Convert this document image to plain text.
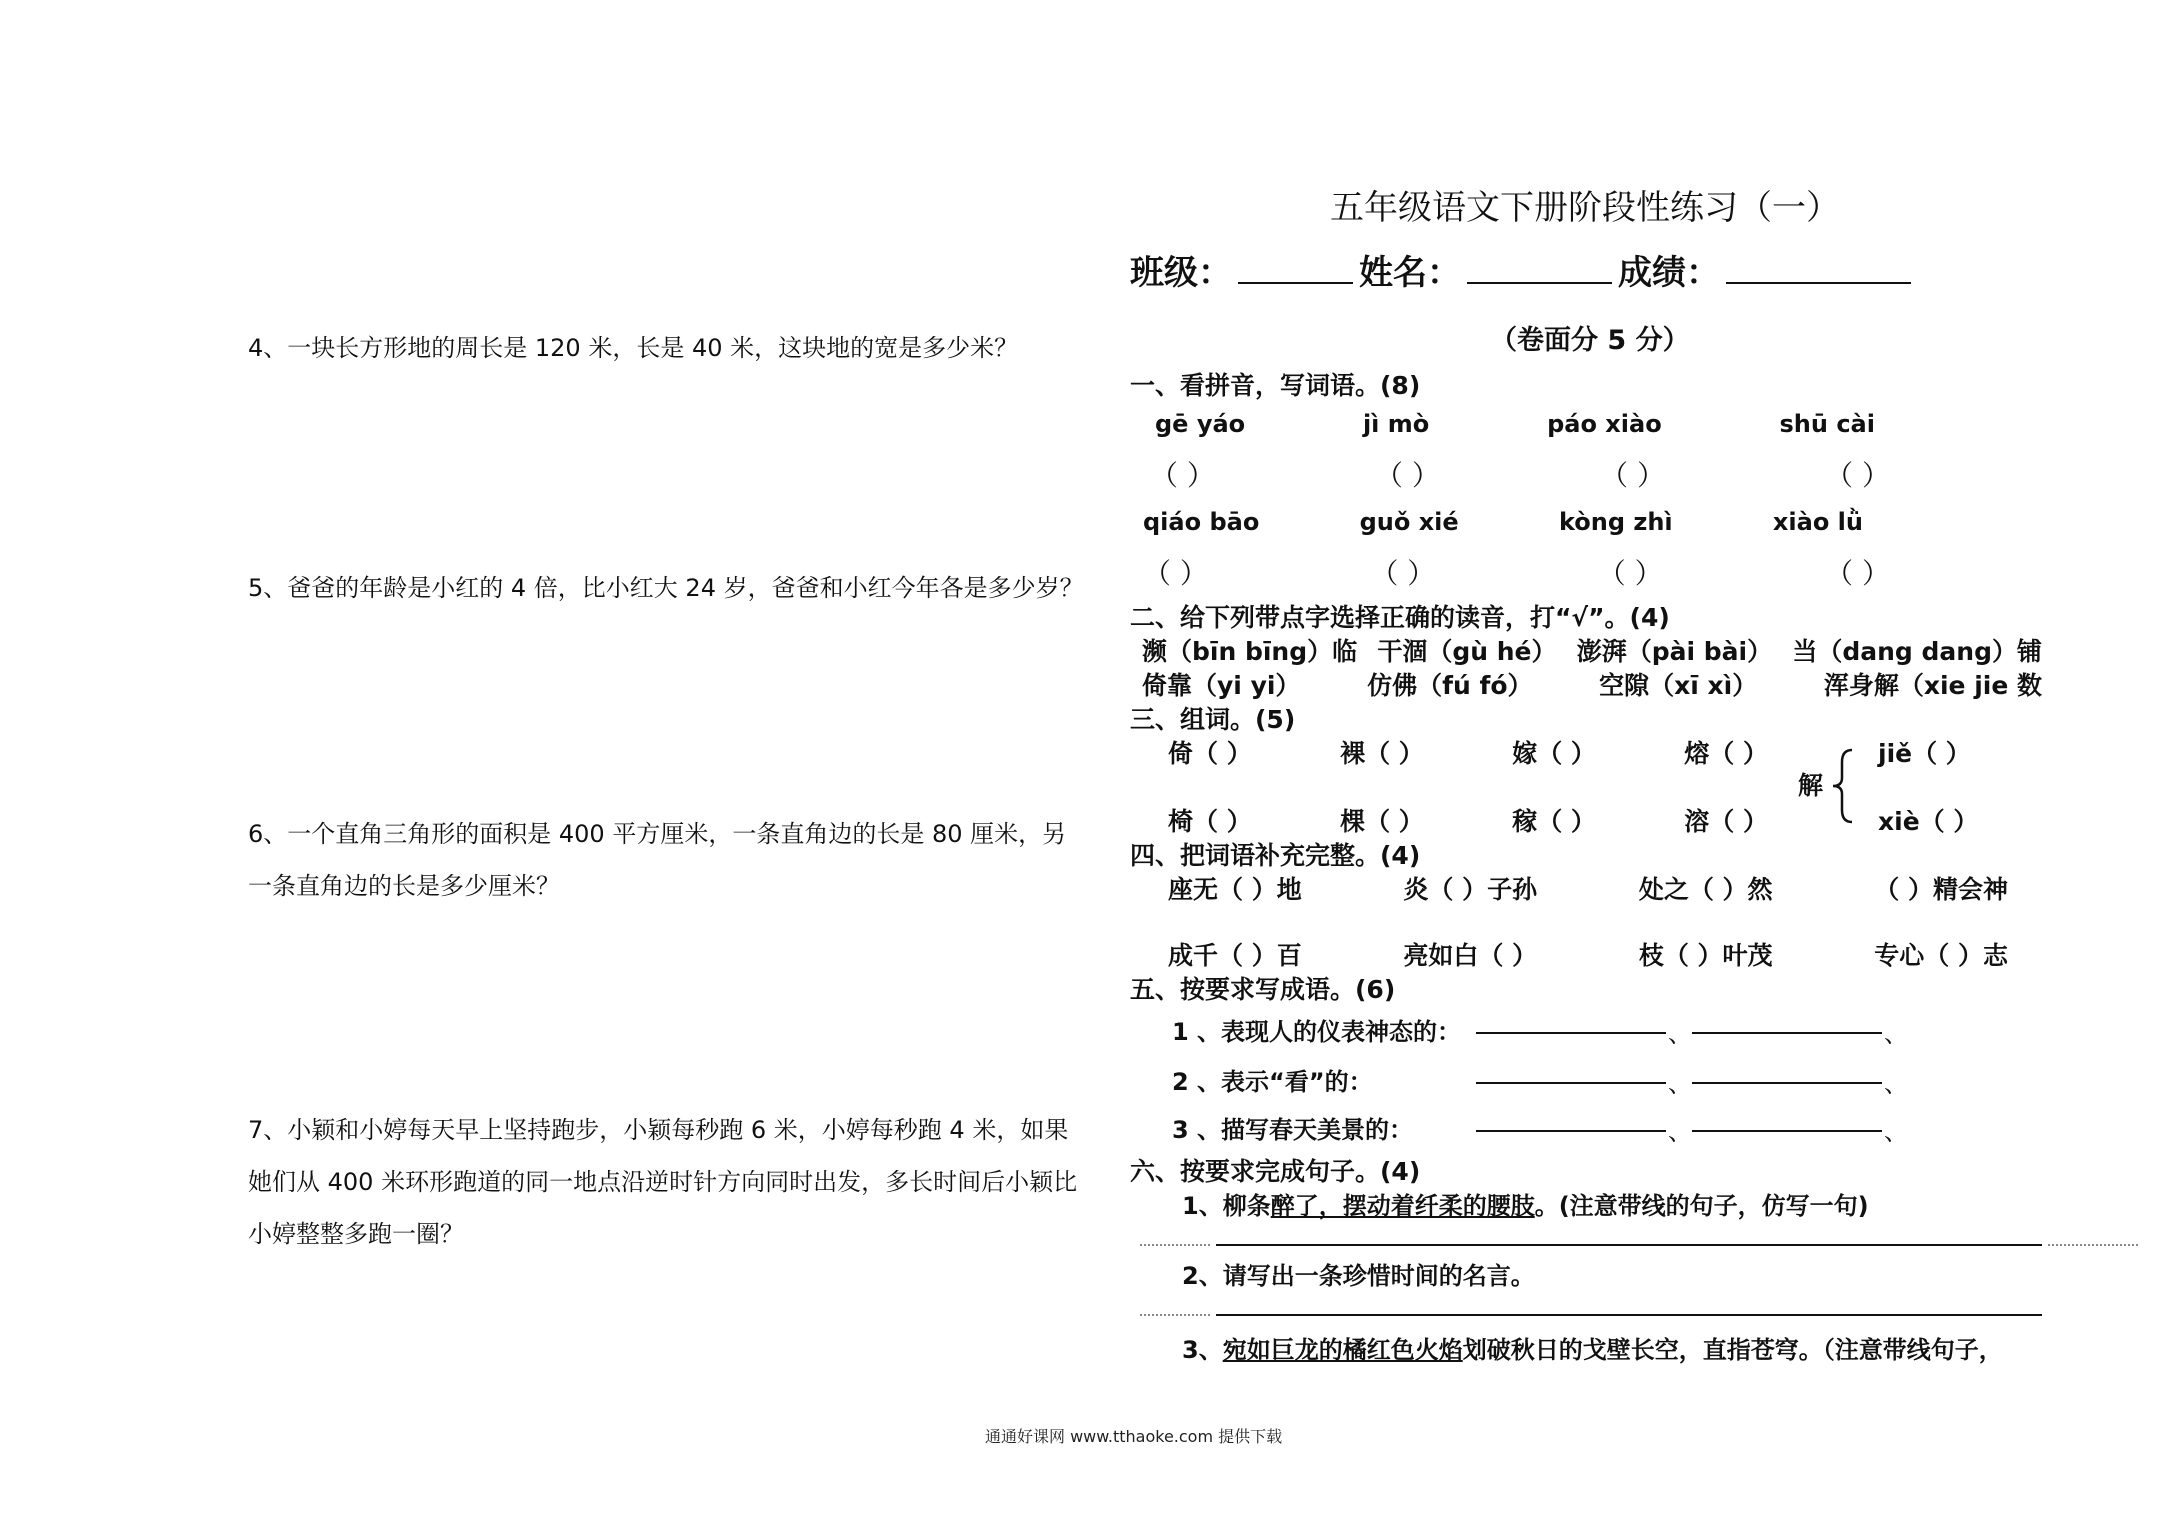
4、一块长方形地的周长是 120 米，长是 40 米，这块地的宽是多少米？
5、爸爸的年龄是小红的 4 倍，比小红大 24 岁，爸爸和小红今年各是多少岁？
6、一个直角三角形的面积是 400 平方厘米，一条直角边的长是 80 厘米，另一条直角边的长是多少厘米？
7、小颖和小婷每天早上坚持跑步，小颖每秒跑 6 米，小婷每秒跑 4 米，如果她们从 400 米环形跑道的同一地点沿逆时针方向同时出发，多长时间后小颖比小婷整整多跑一圈？
五年级语文下册阶段性练习（一）
班级：	姓名：	成绩：
（卷面分 5 分）
一、看拼音，写词语。(8)
gē yáo	jì mò	páo xiào	shū cài
（ ）	（ ）	（ ）	（ ）
qiáo bāo	guǒ xié	kòng zhì	xiào lǜ
（ ）	（ ）	（ ）	（ ）
二、给下列带点字选择正确的读音，打“√”。(4)
濒（bīn bīng）临 干涸（gù hé） 澎湃（pài bài） 当（dang dang）铺
倚靠（yi yi）	仿佛（fú fó）	空隙（xī xì）	浑身解（xie jie 数
三、组词。(5)
倚（ ）	裸（ ）	嫁（ ）	熔（ ）
椅（ ）	棵（ ）	稼（ ）	溶（ ）
解
jiě（ ）
xiè（ ）
四、把词语补充完整。(4)
座无（ ）地	炎（ ）子孙	处之（ ）然	（ ）精会神
成千（ ）百	亮如白（ ）	枝（ ）叶茂	专心（ ）志
五、按要求写成语。(6)
1 、表现人的仪表神态的：	、	、
2 、表示“看”的：	、	、
3 、描写春天美景的：	、	、
六、按要求完成句子。(4)
1、柳条醉了，摆动着纤柔的腰肢。(注意带线的句子，仿写一句)
2、请写出一条珍惜时间的名言。
3、宛如巨龙的橘红色火焰划破秋日的戈壁长空，直指苍穹。（注意带线句子，
通通好课网 www.tthaoke.com 提供下载
